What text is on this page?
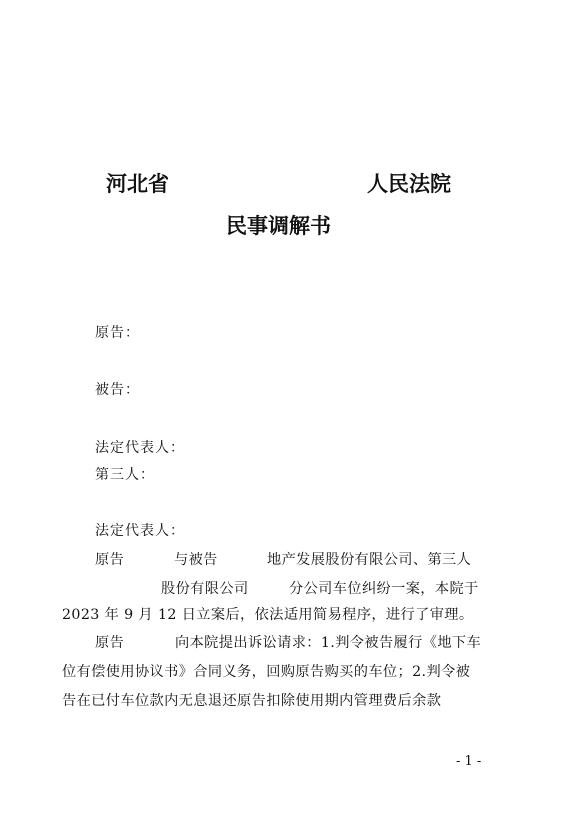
河北省	人民法院
民事调解书
原告：
被告：
法定代表人：
第三人：
法定代表人：
原告	与被告	地产发展股份有限公司、第三人
股份有限公司	分公司车位纠纷一案，本院于
2023 年 9 月 12 日立案后，依法适用简易程序，进行了审理。
原告	向本院提出诉讼请求：1.判令被告履行《地下车
位有偿使用协议书》合同义务，回购原告购买的车位；2.判令被
告在已付车位款内无息退还原告扣除使用期内管理费后余款
- 1 -
